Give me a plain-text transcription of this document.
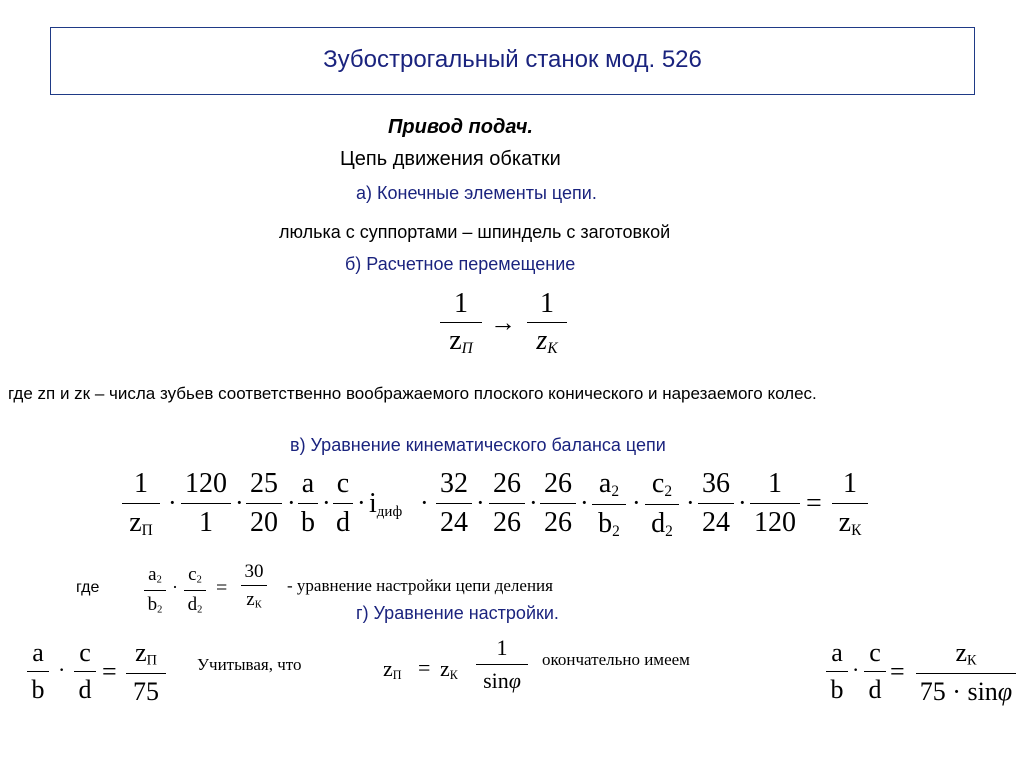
Зубострогальный станок мод. 526
Привод подач.
Цепь движения обкатки
а) Конечные элементы цепи.
люлька с суппортами – шпиндель с заготовкой
б) Расчетное перемещение
1
$z_П$
→
1
$z_К$
где zп и zк – числа зубьев соответственно воображаемого плоского конического и нарезаемого колес.
в) Уравнение кинематического баланса цепи
1
$z_П$
·
120
1
·
25
20
·
a
b
·
c
d
· iдиф ·
32
24
·
26
26
·
26
26
·
$a_2$
$b_2$
·
$c_2$
$d_2$
·
36
24
·
1
120
=
1
$z_К$
где
$a_2$
$b_2$
·
$c_2$
$d_2$
=
30
$z_К$
- уравнение настройки цепи деления
г) Уравнение настройки.
a
b
·
c
d
=
$z_П$
75
Учитывая, что	$z_П = z_К$
1
sinφ
окончательно имеем	a
b
·
c
d
=
$z_К$
75 · sinφ
